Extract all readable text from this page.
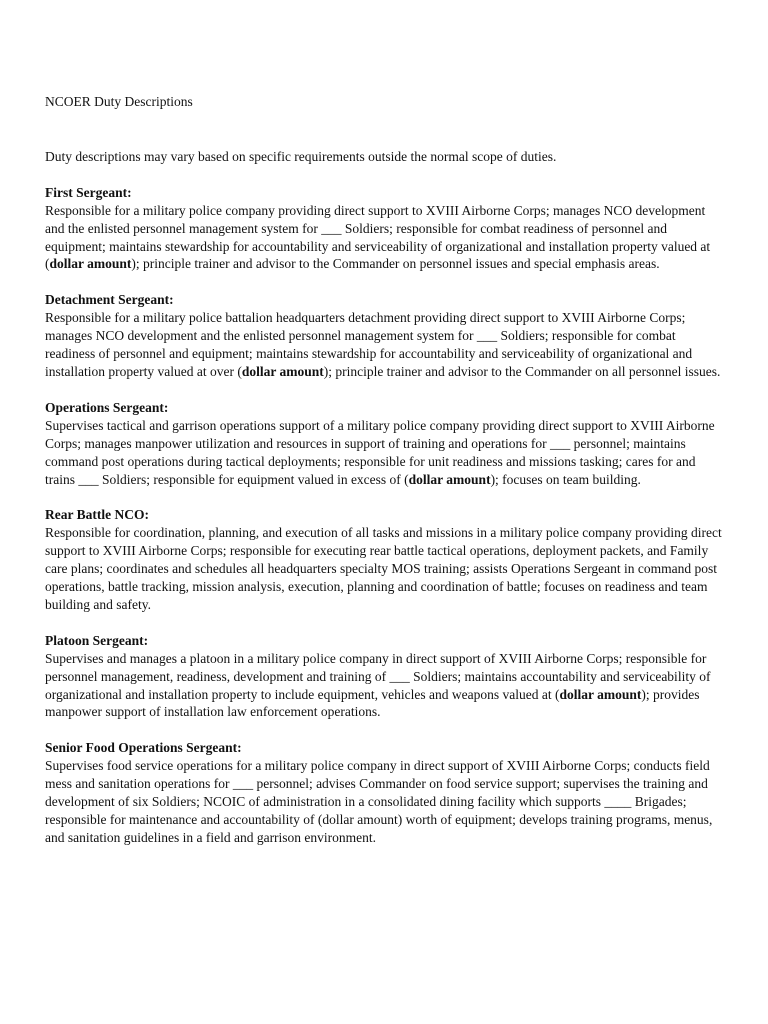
NCOER Duty Descriptions
Duty descriptions may vary based on specific requirements outside the normal scope of duties.
First Sergeant:
Responsible for a military police company providing direct support to XVIII Airborne Corps; manages NCO development and the enlisted personnel management system for ___ Soldiers; responsible for combat readiness of personnel and equipment; maintains stewardship for accountability and serviceability of organizational and installation property valued at (dollar amount); principle trainer and advisor to the Commander on personnel issues and special emphasis areas.
Detachment Sergeant:
Responsible for a military police battalion headquarters detachment providing direct support to XVIII Airborne Corps; manages NCO development and the enlisted personnel management system for ___ Soldiers; responsible for combat readiness of personnel and equipment; maintains stewardship for accountability and serviceability of organizational and installation property valued at over (dollar amount); principle trainer and advisor to the Commander on all personnel issues.
Operations Sergeant:
Supervises tactical and garrison operations support of a military police company providing direct support to XVIII Airborne Corps; manages manpower utilization and resources in support of training and operations for ___ personnel; maintains command post operations during tactical deployments; responsible for unit readiness and missions tasking; cares for and trains ___ Soldiers; responsible for equipment valued in excess of (dollar amount); focuses on team building.
Rear Battle NCO:
Responsible for coordination, planning, and execution of all tasks and missions in a military police company providing direct support to XVIII Airborne Corps; responsible for executing rear battle tactical operations, deployment packets, and Family care plans; coordinates and schedules all headquarters specialty MOS training; assists Operations Sergeant in command post operations, battle tracking, mission analysis, execution, planning and coordination of battle; focuses on readiness and team building and safety.
Platoon Sergeant:
Supervises and manages a platoon in a military police company in direct support of XVIII Airborne Corps; responsible for personnel management, readiness, development and training of ___ Soldiers; maintains accountability and serviceability of organizational and installation property to include equipment, vehicles and weapons valued at (dollar amount); provides manpower support of installation law enforcement operations.
Senior Food Operations Sergeant:
Supervises food service operations for a military police company in direct support of XVIII Airborne Corps; conducts field mess and sanitation operations for ___ personnel; advises Commander on food service support; supervises the training and development of six Soldiers; NCOIC of administration in a consolidated dining facility which supports ____ Brigades; responsible for maintenance and accountability of (dollar amount) worth of equipment; develops training programs, menus, and sanitation guidelines in a field and garrison environment.
